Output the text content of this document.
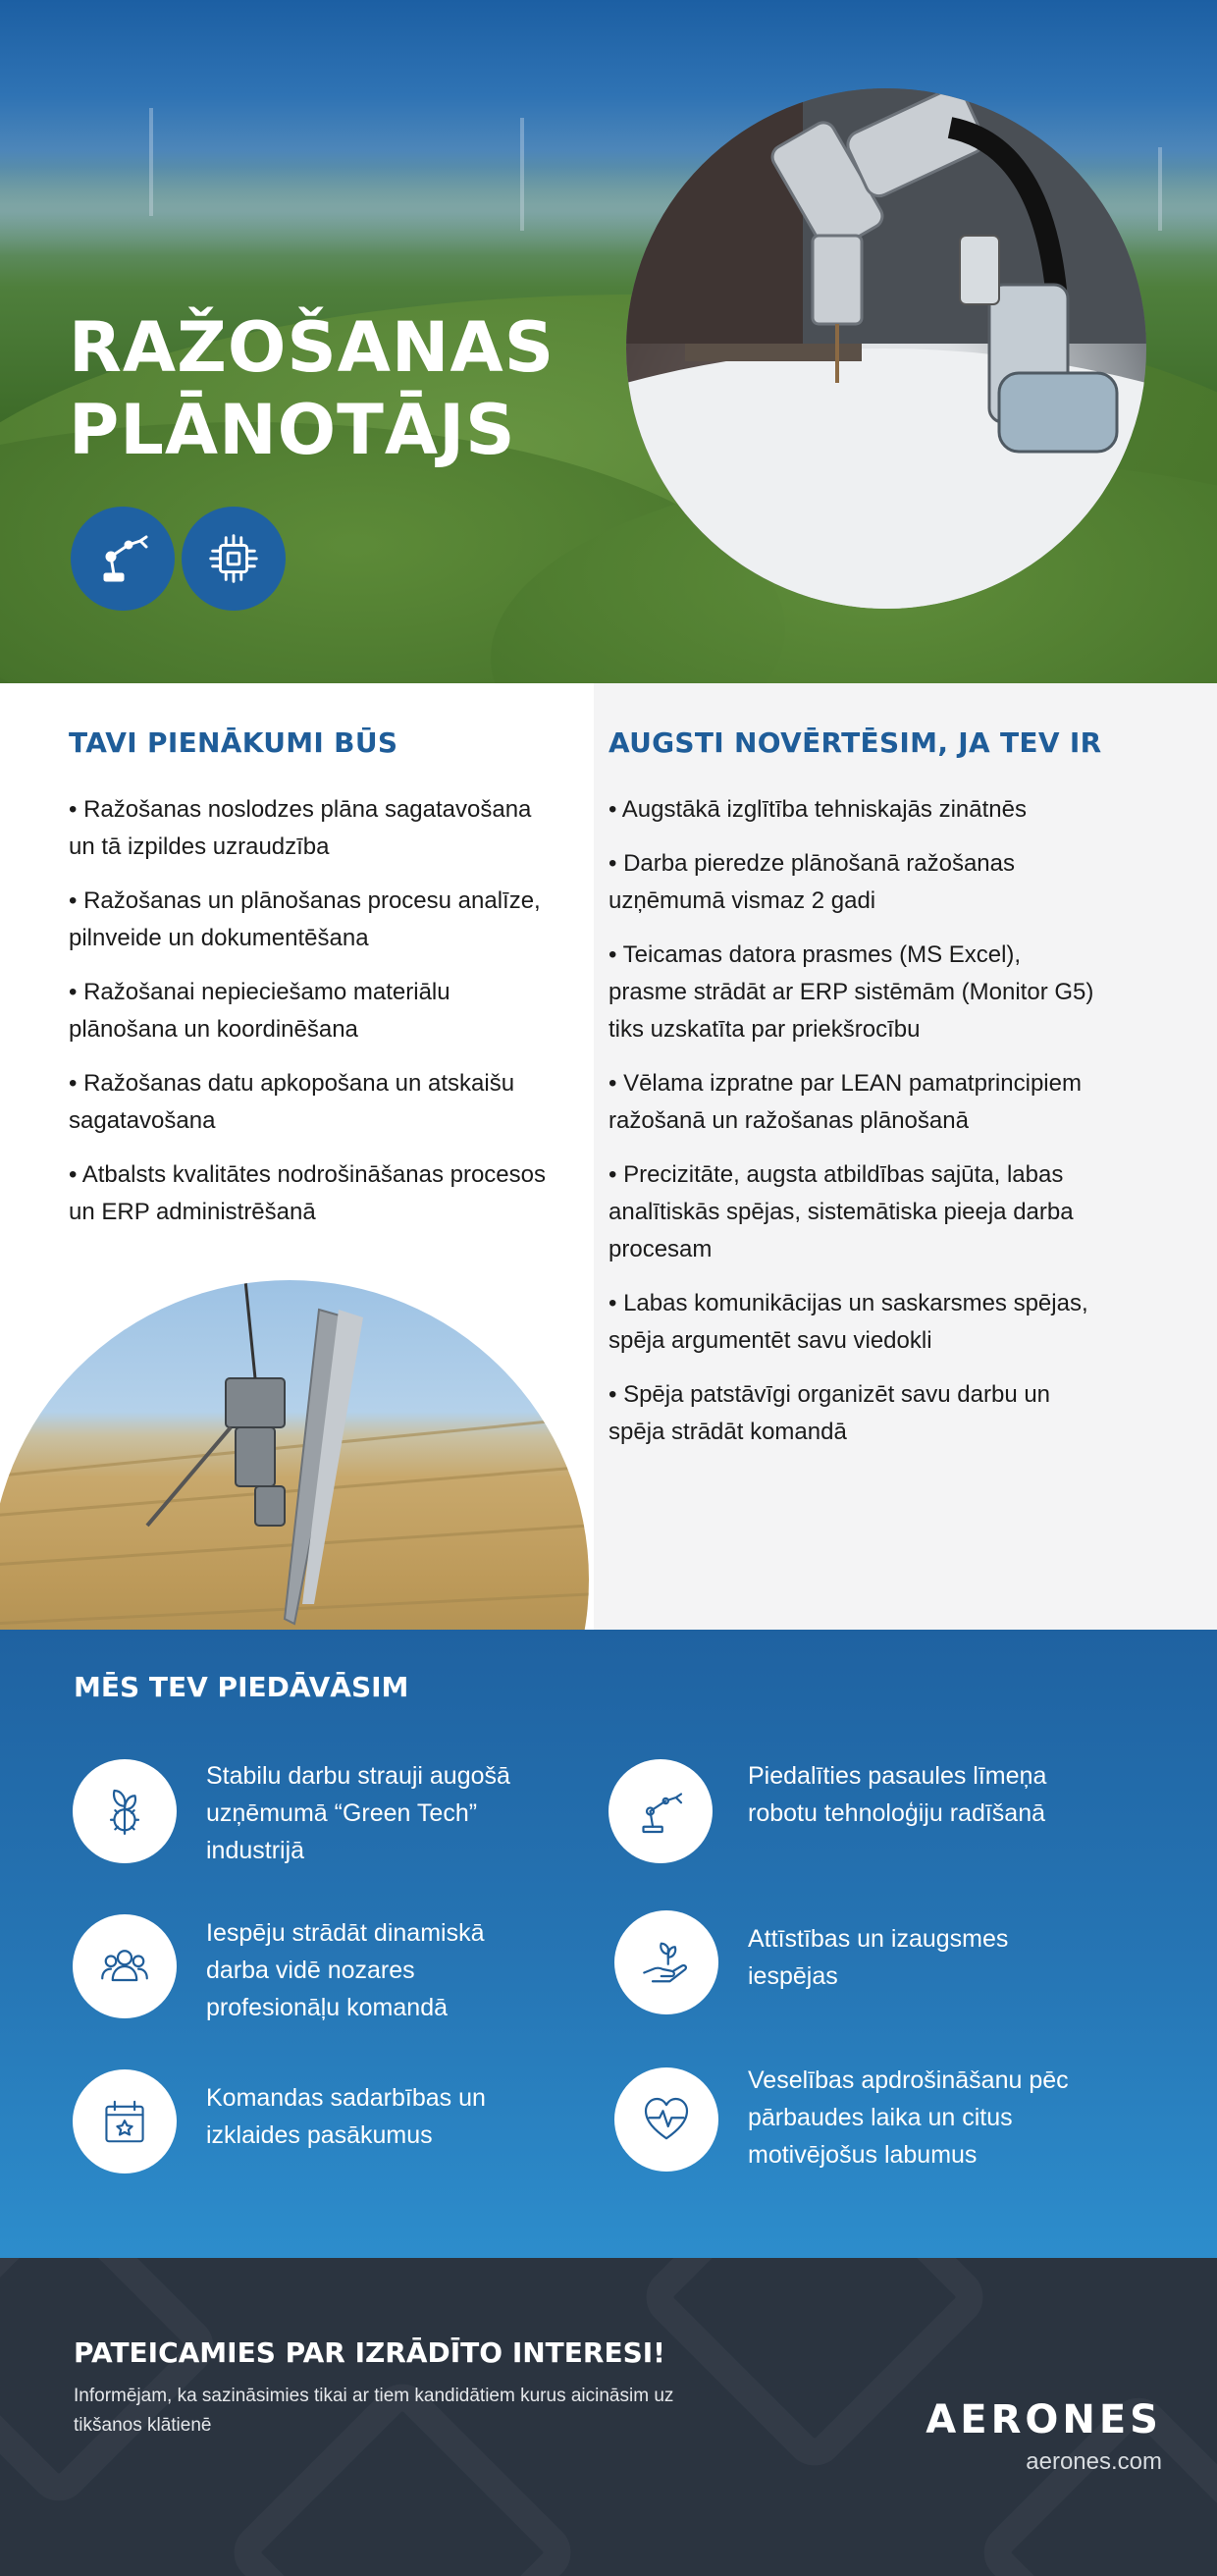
RAŽOŠANAS
PLĀNOTĀJS
TAVI PIENĀKUMI BŪS
• Ražošanas noslodzes plāna sagatavošana un tā izpildes uzraudzība
• Ražošanas un plānošanas procesu analīze, pilnveide un dokumentēšana
• Ražošanai nepieciešamo materiālu plānošana un koordinēšana
• Ražošanas datu apkopošana un atskaišu sagatavošana
• Atbalsts kvalitātes nodrošināšanas procesos un ERP administrēšanā
AUGSTI NOVĒRTĒSIM, JA TEV IR
• Augstākā izglītība tehniskajās zinātnēs
• Darba pieredze plānošanā ražošanas uzņēmumā vismaz 2 gadi
• Teicamas datora prasmes (MS Excel), prasme strādāt ar ERP sistēmām (Monitor G5) tiks uzskatīta par priekšrocību
• Vēlama izpratne par LEAN pamatprincipiem ražošanā un ražošanas plānošanā
• Precizitāte, augsta atbildības sajūta, labas analītiskās spējas, sistemātiska pieeja darba procesam
• Labas komunikācijas un saskarsmes spējas, spēja argumentēt savu viedokli
• Spēja patstāvīgi organizēt savu darbu un spēja strādāt komandā
MĒS TEV PIEDĀVĀSIM
Stabilu darbu strauji augošā uzņēmumā “Green Tech” industrijā
Piedalīties pasaules līmeņa robotu tehnoloģiju radīšanā
Iespēju strādāt dinamiskā darba vidē nozares profesionāļu komandā
Attīstības un izaugsmes iespējas
Komandas sadarbības un izklaides pasākumus
Veselības apdrošināšanu pēc pārbaudes laika un citus motivējošus labumus
PATEICAMIES PAR IZRĀDĪTO INTERESI!

Informējam, ka sazināsimies tikai ar tiem kandidātiem kurus aicināsim uz tikšanos klātienē	AERONES
aerones.com
